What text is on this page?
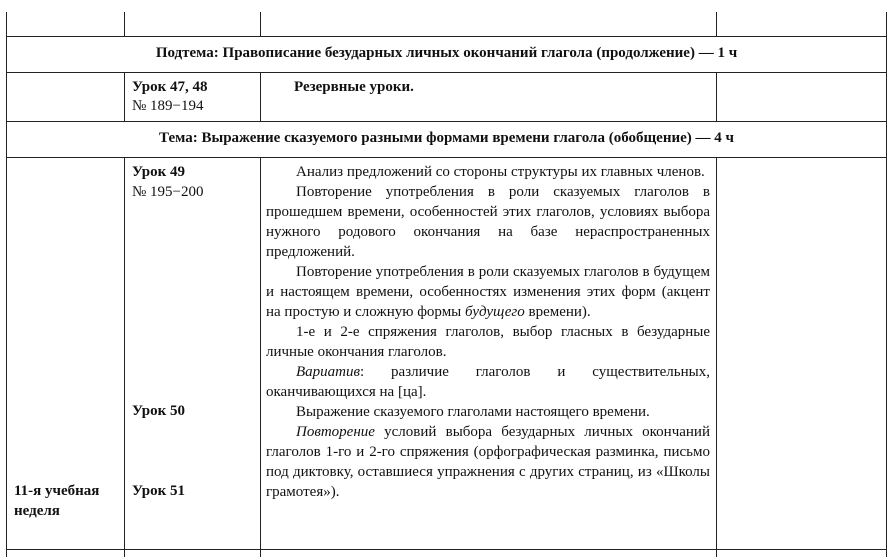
Подтема: Правописание безударных личных окончаний глагола (продолжение) — 1 ч
Урок 47, 48
№ 189−194
Резервные уроки.
Тема: Выражение сказуемого разными формами времени глагола (обобщение) — 4 ч
Урок 49
№ 195−200
Урок 50
Урок 51
11-я учебная
неделя

Анализ предложений со стороны структуры их главных членов.

Повторение употребления в роли сказуемых глаголов в прошедшем времени, особенностей этих глаголов, условиях выбора нужного родового окончания на базе нераспространенных предложений.

Повторение употребления в роли сказуемых глаголов в будущем и настоящем времени, особенностях изменения этих форм (акцент на простую и сложную формы будущего времени).

1-е и 2-е спряжения глаголов, выбор гласных в безударные личные окончания глаголов.

Вариатив: различие глаголов и существительных, оканчивающихся на [ца].

Выражение сказуемого глаголами настоящего времени.

Повторение условий выбора безударных личных окончаний глаголов 1-го и 2-го спряжения (орфографическая разминка, письмо под диктовку, оставшиеся упражнения с других страниц, из «Школы грамотея»).
